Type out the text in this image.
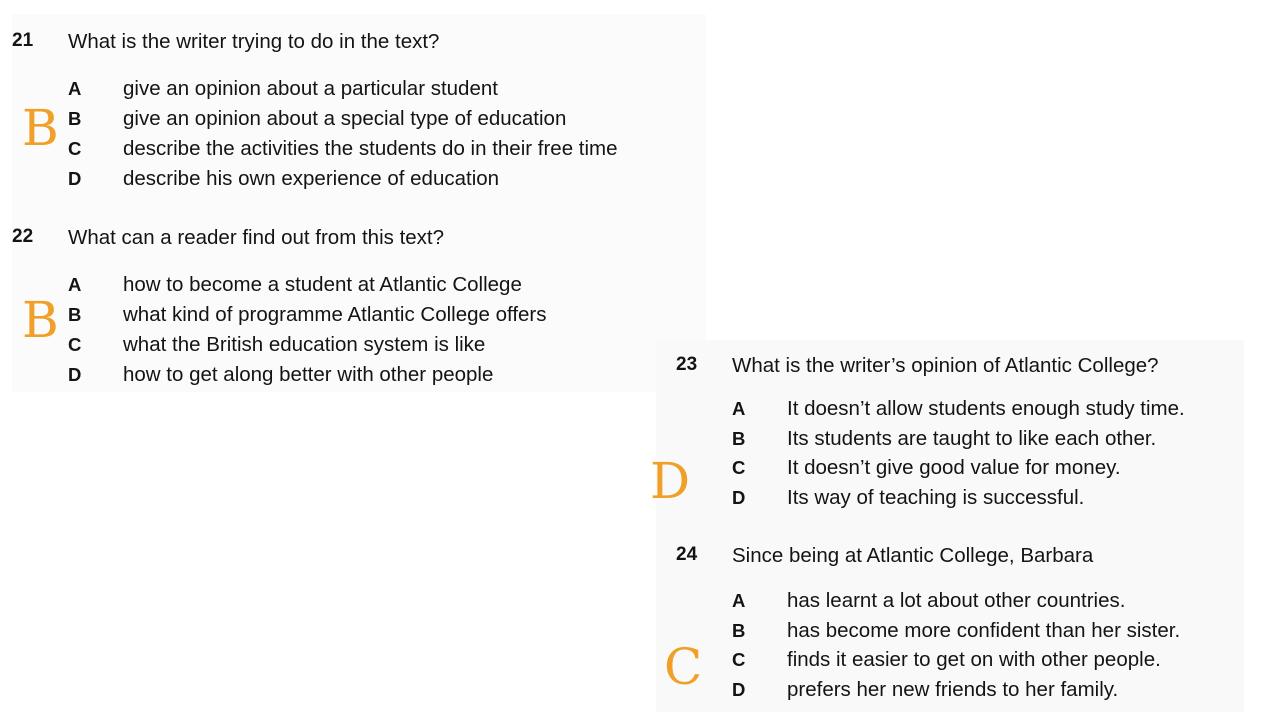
21 What is the writer trying to do in the text?
A give an opinion about a particular student
B give an opinion about a special type of education
C describe the activities the students do in their free time
D describe his own experience of education
22 What can a reader find out from this text?
A how to become a student at Atlantic College
B what kind of programme Atlantic College offers
C what the British education system is like
D how to get along better with other people	23 What is the writer’s opinion of Atlantic College?
A It doesn’t allow students enough study time.
B Its students are taught to like each other.
C It doesn’t give good value for money.
D Its way of teaching is successful.
24 Since being at Atlantic College, Barbara
A has learnt a lot about other countries.
B has become more confident than her sister.
C finds it easier to get on with other people.
D prefers her new friends to her family.
B
B
D
C
